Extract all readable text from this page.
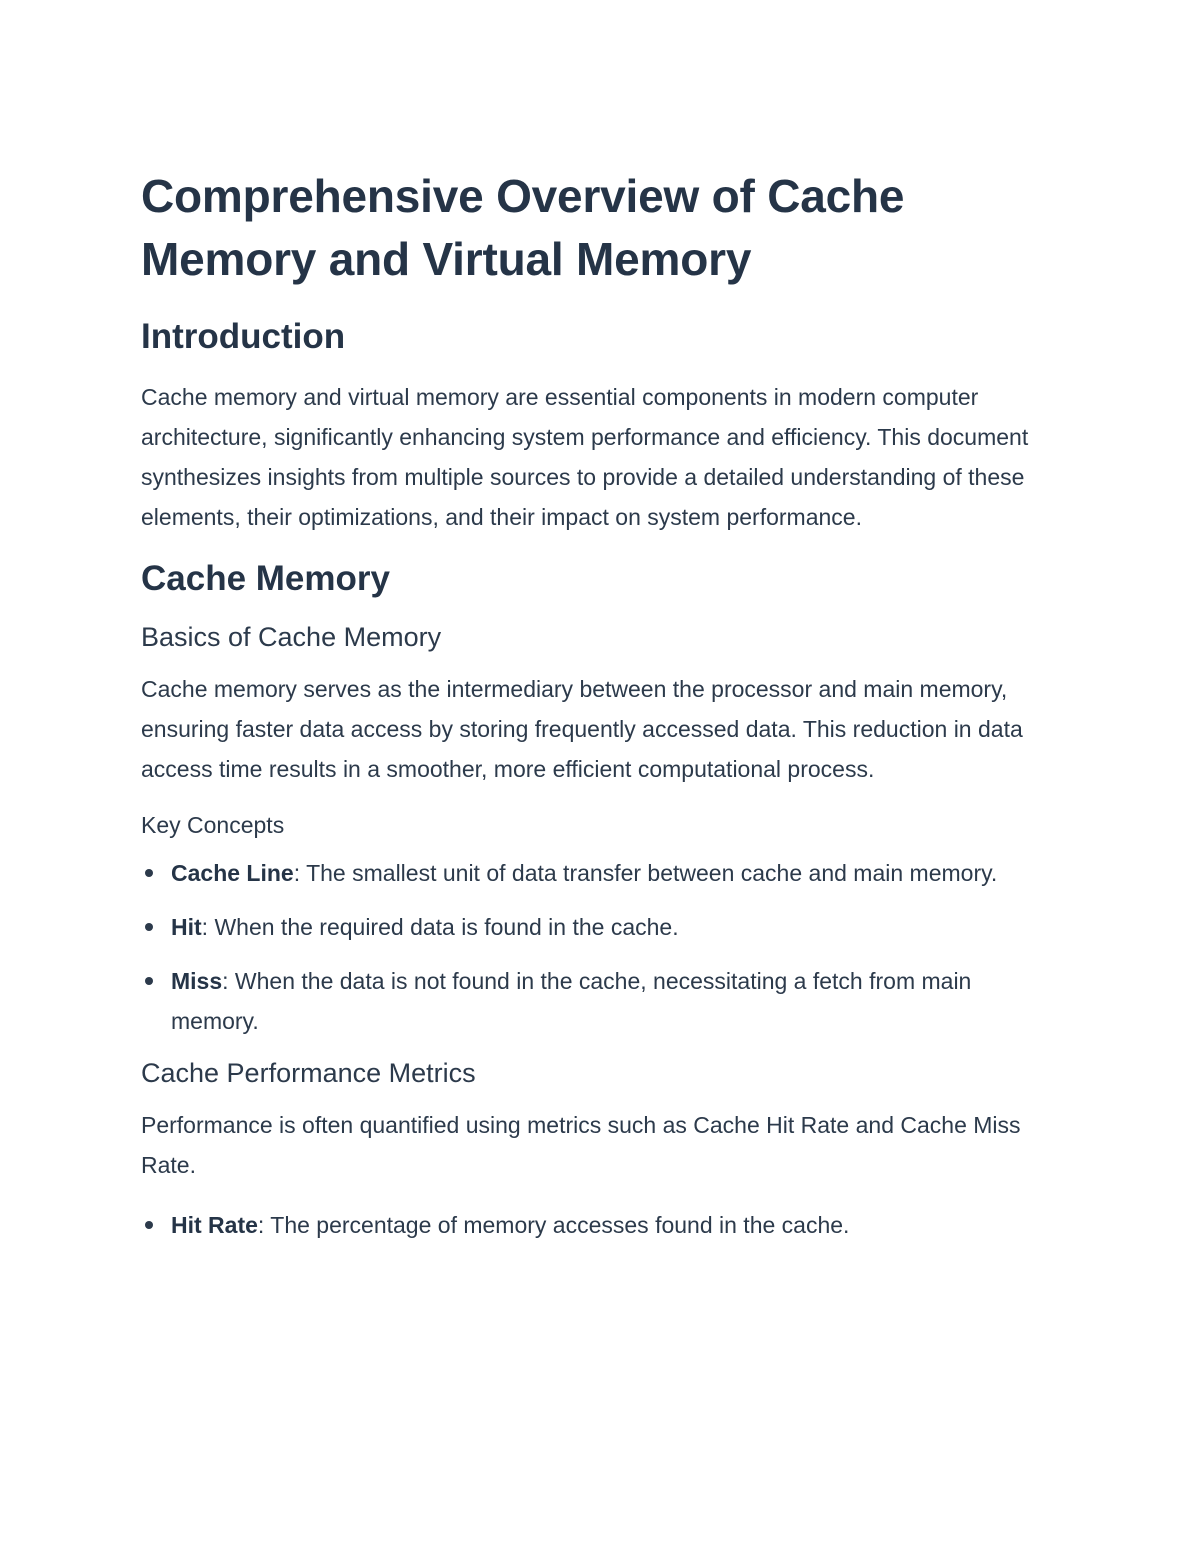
Comprehensive Overview of Cache Memory and Virtual Memory
Introduction

Cache memory and virtual memory are essential components in modern computer architecture, significantly enhancing system performance and efficiency. This document synthesizes insights from multiple sources to provide a detailed understanding of these elements, their optimizations, and their impact on system performance.

Cache Memory
Basics of Cache Memory

Cache memory serves as the intermediary between the processor and main memory, ensuring faster data access by storing frequently accessed data. This reduction in data access time results in a smoother, more efficient computational process.

Key Concepts
Cache Line: The smallest unit of data transfer between cache and main memory.
Hit: When the required data is found in the cache.
Miss: When the data is not found in the cache, necessitating a fetch from main memory.
Cache Performance Metrics

Performance is often quantified using metrics such as Cache Hit Rate and Cache Miss Rate.

Hit Rate: The percentage of memory accesses found in the cache.
